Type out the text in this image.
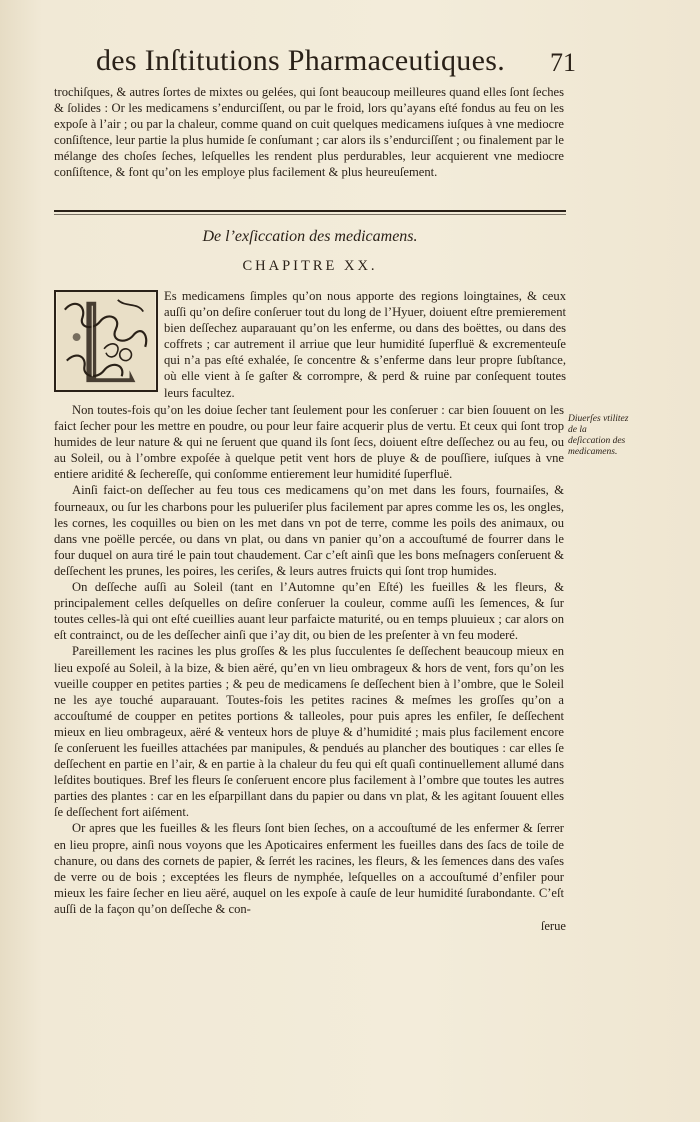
des Inſtitutions Pharmaceutiques.	71

trochiſques, & autres ſortes de mixtes ou gelées, qui ſont beaucoup meilleures quand elles ſont ſeches & ſolides : Or les medicamens s’endurciſſent, ou par le froid, lors qu’ayans eſté fondus au feu on les expoſe à l’air ; ou par la chaleur, comme quand on cuit quelques medicamens iuſques à vne mediocre conſiſtence, leur partie la plus humide ſe conſumant ; car alors ils s’endurciſſent ; ou finalement par le mélange des choſes ſeches, leſquelles les rendent plus perdurables, leur acquierent vne mediocre conſiſtence, & font qu’on les employe plus facilement & plus heureuſement.

De l’exſiccation des medicamens.
CHAPITRE XX.

Es medicamens ſimples qu’on nous apporte des regions loingtaines, & ceux auſſi qu’on deſire conſeruer tout du long de l’Hyuer, doiuent eſtre premierement bien deſſechez auparauant qu’on les enferme, ou dans des boëttes, ou dans des coffrets ; car autrement il arriue que leur humidité ſuperfluë & excrementeuſe qui n’a pas eſté exhalée, ſe concentre & s’enferme dans leur propre ſubſtance, où elle vient à ſe gaſter & corrompre, & perd & ruine par conſequent toutes leurs facultez.

Non toutes-fois qu’on les doiue ſecher tant ſeulement pour les conſeruer : car bien ſouuent on les faict ſecher pour les mettre en poudre, ou pour leur faire acquerir plus de vertu. Et ceux qui ſont trop humides de leur nature & qui ne ſeruent que quand ils ſont ſecs, doiuent eſtre deſſechez ou au feu, ou au Soleil, ou à l’ombre expoſée à quelque petit vent hors de pluye & de pouſſiere, iuſques à vne entiere aridité & ſechereſſe, qui conſomme entierement leur humidité ſuperfluë.

Ainſi faict-on deſſecher au feu tous ces medicamens qu’on met dans les fours, fournaiſes, & fourneaux, ou ſur les charbons pour les pulueriſer plus facilement par apres comme les os, les ongles, les cornes, les coquilles ou bien on les met dans vn pot de terre, comme les poils des animaux, ou dans vne poëlle percée, ou dans vn plat, ou dans vn panier qu’on a accouſtumé de fourrer dans le four duquel on aura tiré le pain tout chaudement. Car c’eſt ainſi que les bons meſnagers conſeruent & deſſechent les prunes, les poires, les ceriſes, & leurs autres fruicts qui ſont trop humides.

On deſſeche auſſi au Soleil (tant en l’Automne qu’en Eſté) les fueilles & les fleurs, & principalement celles deſquelles on deſire conſeruer la couleur, comme auſſi les ſemences, & ſur toutes celles-là qui ont eſté cueillies auant leur parfaicte maturité, ou en temps pluuieux ; car alors on eſt contrainct, ou de les deſſecher ainſi que i’ay dit, ou bien de les preſenter à vn feu moderé.

Pareillement les racines les plus groſſes & les plus ſucculentes ſe deſſechent beaucoup mieux en lieu expoſé au Soleil, à la bize, & bien aëré, qu’en vn lieu ombrageux & hors de vent, fors qu’on les vueille coupper en petites parties ; & peu de medicamens ſe deſſechent bien à l’ombre, que le Soleil ne les aye touché auparauant. Toutes-fois les petites racines & meſmes les groſſes qu’on a accouſtumé de coupper en petites portions & talleoles, pour puis apres les enfiler, ſe deſſechent mieux en lieu ombrageux, aëré & venteux hors de pluye & d’humidité ; mais plus facilement encore ſe conſeruent les fueilles attachées par manipules, & pendués au plancher des boutiques : car elles ſe deſſechent en partie en l’air, & en partie à la chaleur du feu qui eſt quaſi continuellement allumé dans leſdites boutiques. Bref les fleurs ſe conſeruent encore plus facilement à l’ombre que toutes les autres parties des plantes : car en les eſparpillant dans du papier ou dans vn plat, & les agitant ſouuent elles ſe deſſechent fort aiſément.

Or apres que les fueilles & les fleurs ſont bien ſeches, on a accouſtumé de les enfermer & ſerrer en lieu propre, ainſi nous voyons que les Apoticaires enferment les fueilles dans des ſacs de toile de chanure, ou dans des cornets de papier, & ſerrét les racines, les fleurs, & les ſemences dans des vaſes de verre ou de bois ; exceptées les fleurs de nymphée, leſquelles on a accouſtumé d’enfiler pour mieux les faire ſecher en lieu aëré, auquel on les expoſe à cauſe de leur humidité ſurabondante. C’eſt auſſi de la façon qu’on deſſeche & con-

Diuerſes vtilitez de la deſiccation des medicamens.
ſerue
